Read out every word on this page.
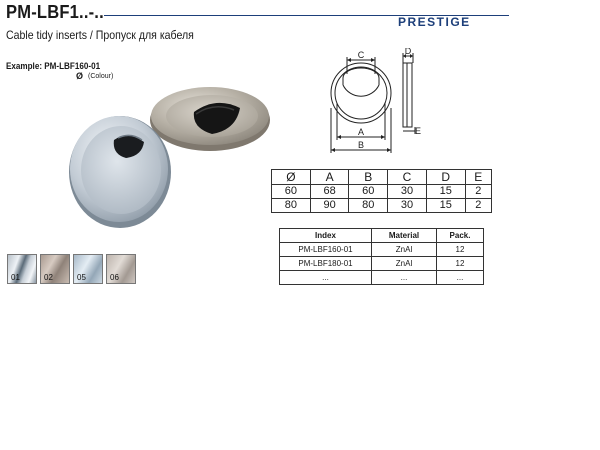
PM-LBF1..-..	PRESTIGE
Cable tidy inserts / Пропуск для кабеля
Example: PM-LBF160-01
Ø (Colour)
C	D
A
B
E
Ø	A	B	C	D	E
60	68	60	30	15	2
80	90	80	30	15	2
Index	Material	Pack.
PM-LBF160-01	ZnAl	12
PM-LBF180-01	ZnAl	12
...	...	...
01	02	05	06
